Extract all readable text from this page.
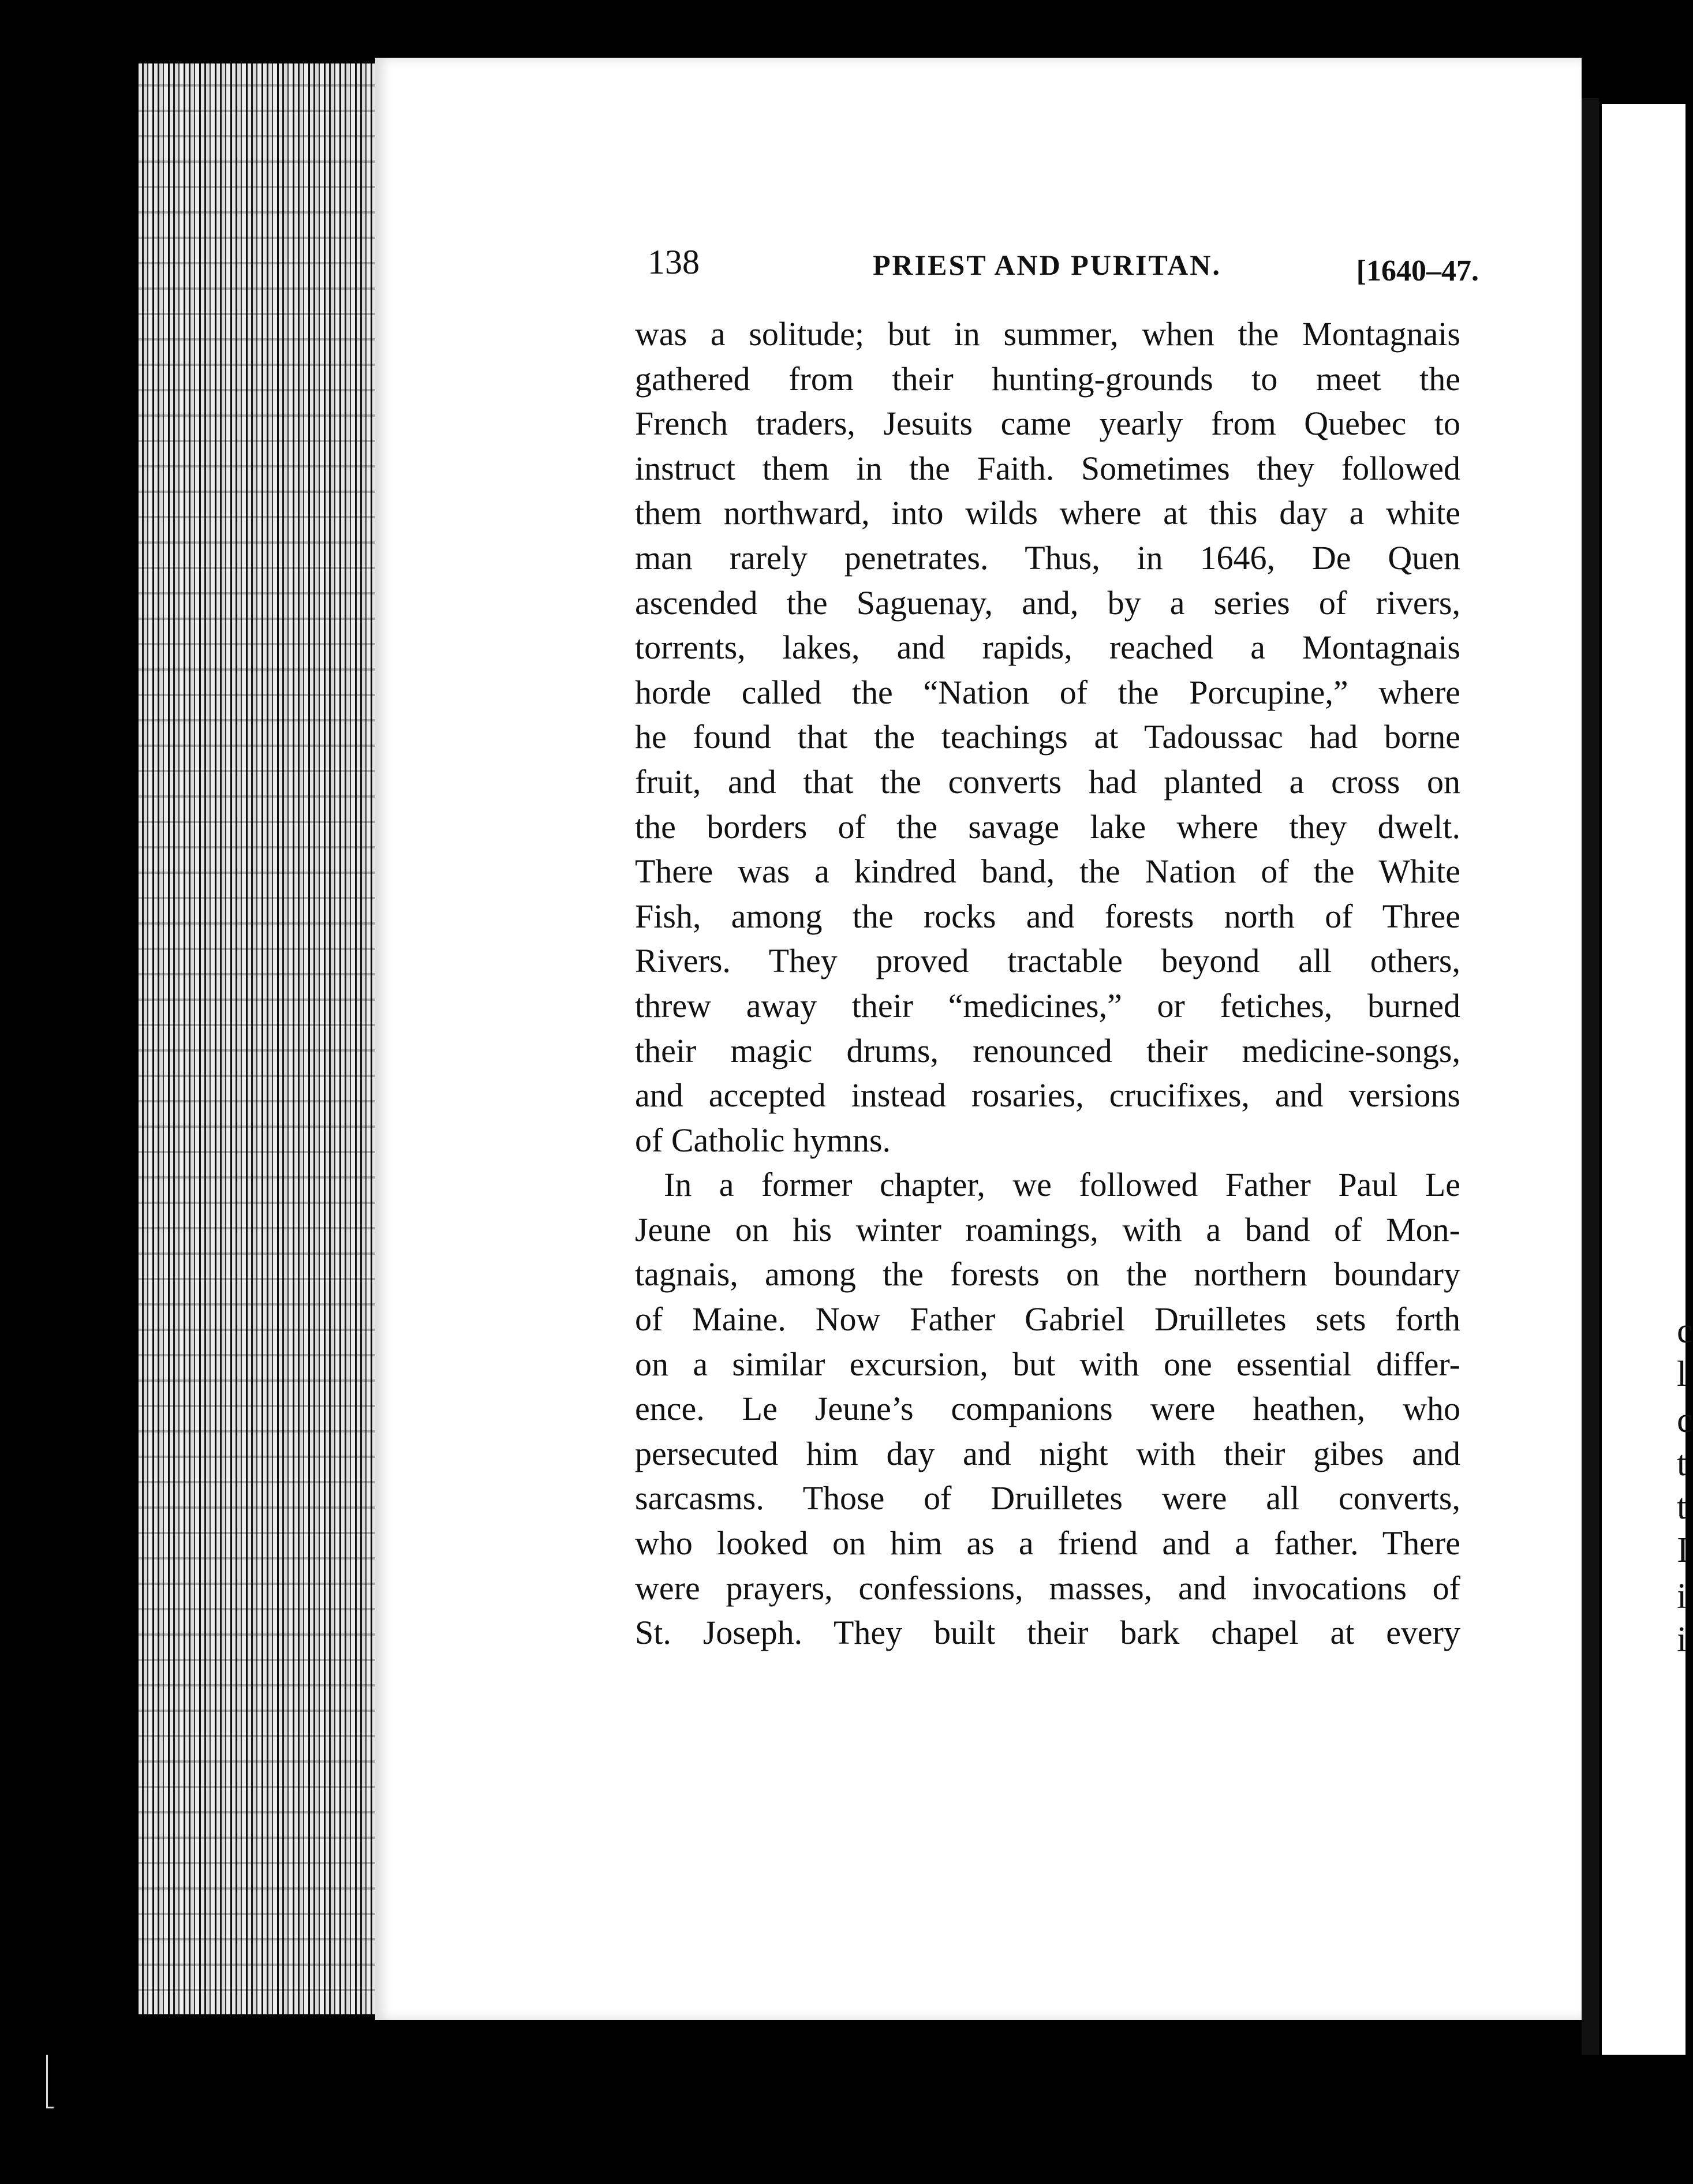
c
l
c
t
t
I
i
i
138	PRIEST AND PURITAN.	[1640–47.
was a solitude; but in summer, when the Montagnais
gathered from their hunting-grounds to meet the
French traders, Jesuits came yearly from Quebec to
instruct them in the Faith. Sometimes they followed
them northward, into wilds where at this day a white
man rarely penetrates. Thus, in 1646, De Quen
ascended the Saguenay, and, by a series of rivers,
torrents, lakes, and rapids, reached a Montagnais
horde called the “Nation of the Porcupine,” where
he found that the teachings at Tadoussac had borne
fruit, and that the converts had planted a cross on
the borders of the savage lake where they dwelt.
There was a kindred band, the Nation of the White
Fish, among the rocks and forests north of Three
Rivers. They proved tractable beyond all others,
threw away their “medicines,” or fetiches, burned
their magic drums, renounced their medicine-songs,
and accepted instead rosaries, crucifixes, and versions
of Catholic hymns.
In a former chapter, we followed Father Paul Le
Jeune on his winter roamings, with a band of Mon-
tagnais, among the forests on the northern boundary
of Maine. Now Father Gabriel Druilletes sets forth
on a similar excursion, but with one essential differ-
ence. Le Jeune’s companions were heathen, who
persecuted him day and night with their gibes and
sarcasms. Those of Druilletes were all converts,
who looked on him as a friend and a father. There
were prayers, confessions, masses, and invocations of
St. Joseph. They built their bark chapel at every
